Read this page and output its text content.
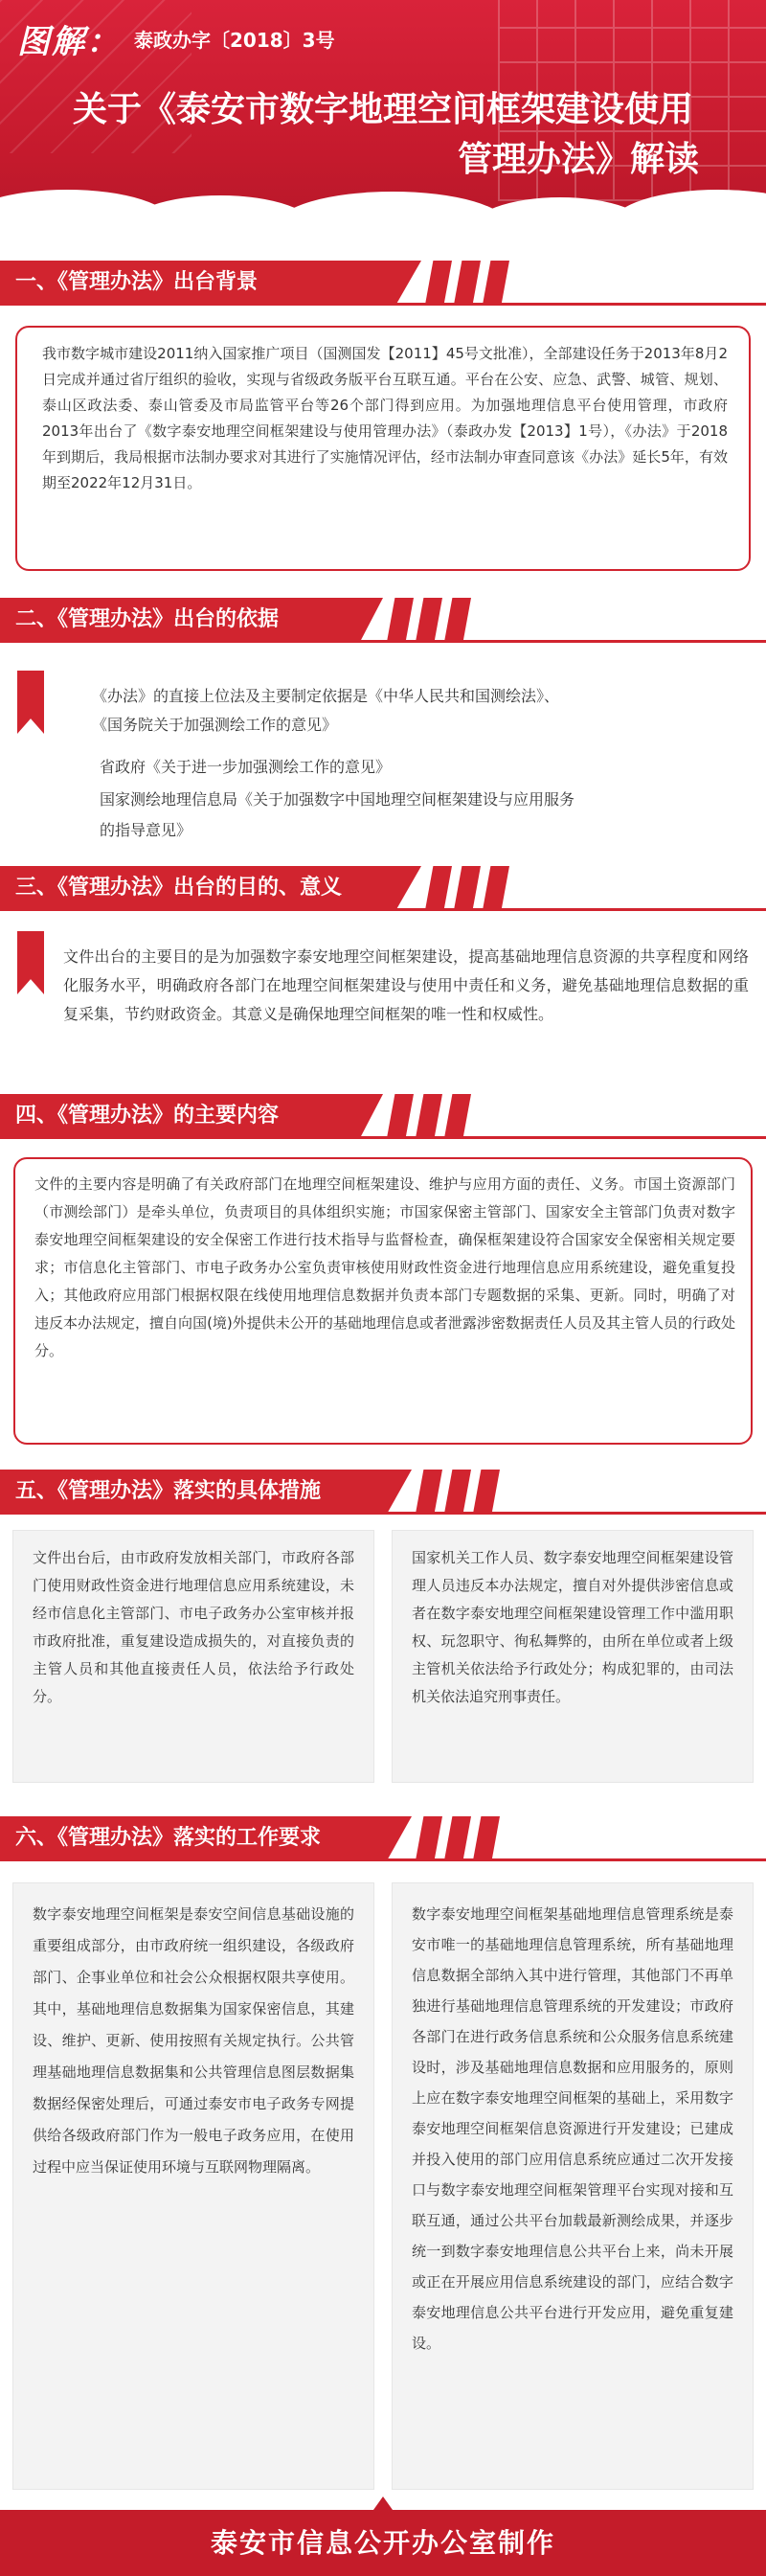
图解： 泰政办字〔2018〕3号
关于《泰安市数字地理空间框架建设使用
管理办法》解读
一、《管理办法》出台背景
我市数字城市建设2011纳入国家推广项目（国测国发【2011】45号文批准），全部建设任务于2013年8月2日完成并通过省厅组织的验收，实现与省级政务版平台互联互通。平台在公安、应急、武警、城管、规划、泰山区政法委、泰山管委及市局监管平台等26个部门得到应用。为加强地理信息平台使用管理，市政府2013年出台了《数字泰安地理空间框架建设与使用管理办法》（泰政办发【2013】1号），《办法》于2018年到期后，我局根据市法制办要求对其进行了实施情况评估，经市法制办审查同意该《办法》延长5年，有效期至2022年12月31日。
二、《管理办法》出台的依据
《办法》的直接上位法及主要制定依据是《中华人民共和国测绘法》、
《国务院关于加强测绘工作的意见》
省政府《关于进一步加强测绘工作的意见》
国家测绘地理信息局《关于加强数字中国地理空间框架建设与应用服务
的指导意见》
三、《管理办法》出台的目的、意义
文件出台的主要目的是为加强数字泰安地理空间框架建设，提高基础地理信息资源的共享程度和网络化服务水平，明确政府各部门在地理空间框架建设与使用中责任和义务，避免基础地理信息数据的重复采集，节约财政资金。其意义是确保地理空间框架的唯一性和权威性。
四、《管理办法》的主要内容
文件的主要内容是明确了有关政府部门在地理空间框架建设、维护与应用方面的责任、义务。市国土资源部门（市测绘部门）是牵头单位，负责项目的具体组织实施；市国家保密主管部门、国家安全主管部门负责对数字泰安地理空间框架建设的安全保密工作进行技术指导与监督检查，确保框架建设符合国家安全保密相关规定要求；市信息化主管部门、市电子政务办公室负责审核使用财政性资金进行地理信息应用系统建设，避免重复投入；其他政府应用部门根据权限在线使用地理信息数据并负责本部门专题数据的采集、更新。同时，明确了对违反本办法规定，擅自向国(境)外提供未公开的基础地理信息或者泄露涉密数据责任人员及其主管人员的行政处分。
五、《管理办法》落实的具体措施
文件出台后，由市政府发放相关部门，市政府各部门使用财政性资金进行地理信息应用系统建设，未经市信息化主管部门、市电子政务办公室审核并报市政府批准，重复建设造成损失的，对直接负责的主管人员和其他直接责任人员，依法给予行政处分。
国家机关工作人员、数字泰安地理空间框架建设管理人员违反本办法规定，擅自对外提供涉密信息或者在数字泰安地理空间框架建设管理工作中滥用职权、玩忽职守、徇私舞弊的，由所在单位或者上级主管机关依法给予行政处分；构成犯罪的，由司法机关依法追究刑事责任。
六、《管理办法》落实的工作要求
数字泰安地理空间框架是泰安空间信息基础设施的重要组成部分，由市政府统一组织建设，各级政府部门、企事业单位和社会公众根据权限共享使用。其中，基础地理信息数据集为国家保密信息，其建设、维护、更新、使用按照有关规定执行。公共管理基础地理信息数据集和公共管理信息图层数据集数据经保密处理后，可通过泰安市电子政务专网提供给各级政府部门作为一般电子政务应用，在使用过程中应当保证使用环境与互联网物理隔离。
数字泰安地理空间框架基础地理信息管理系统是泰安市唯一的基础地理信息管理系统，所有基础地理信息数据全部纳入其中进行管理，其他部门不再单独进行基础地理信息管理系统的开发建设；市政府各部门在进行政务信息系统和公众服务信息系统建设时，涉及基础地理信息数据和应用服务的，原则上应在数字泰安地理空间框架的基础上，采用数字泰安地理空间框架信息资源进行开发建设；已建成并投入使用的部门应用信息系统应通过二次开发接口与数字泰安地理空间框架管理平台实现对接和互联互通，通过公共平台加载最新测绘成果，并逐步统一到数字泰安地理信息公共平台上来，尚未开展或正在开展应用信息系统建设的部门，应结合数字泰安地理信息公共平台进行开发应用，避免重复建设。
泰安市信息公开办公室制作
